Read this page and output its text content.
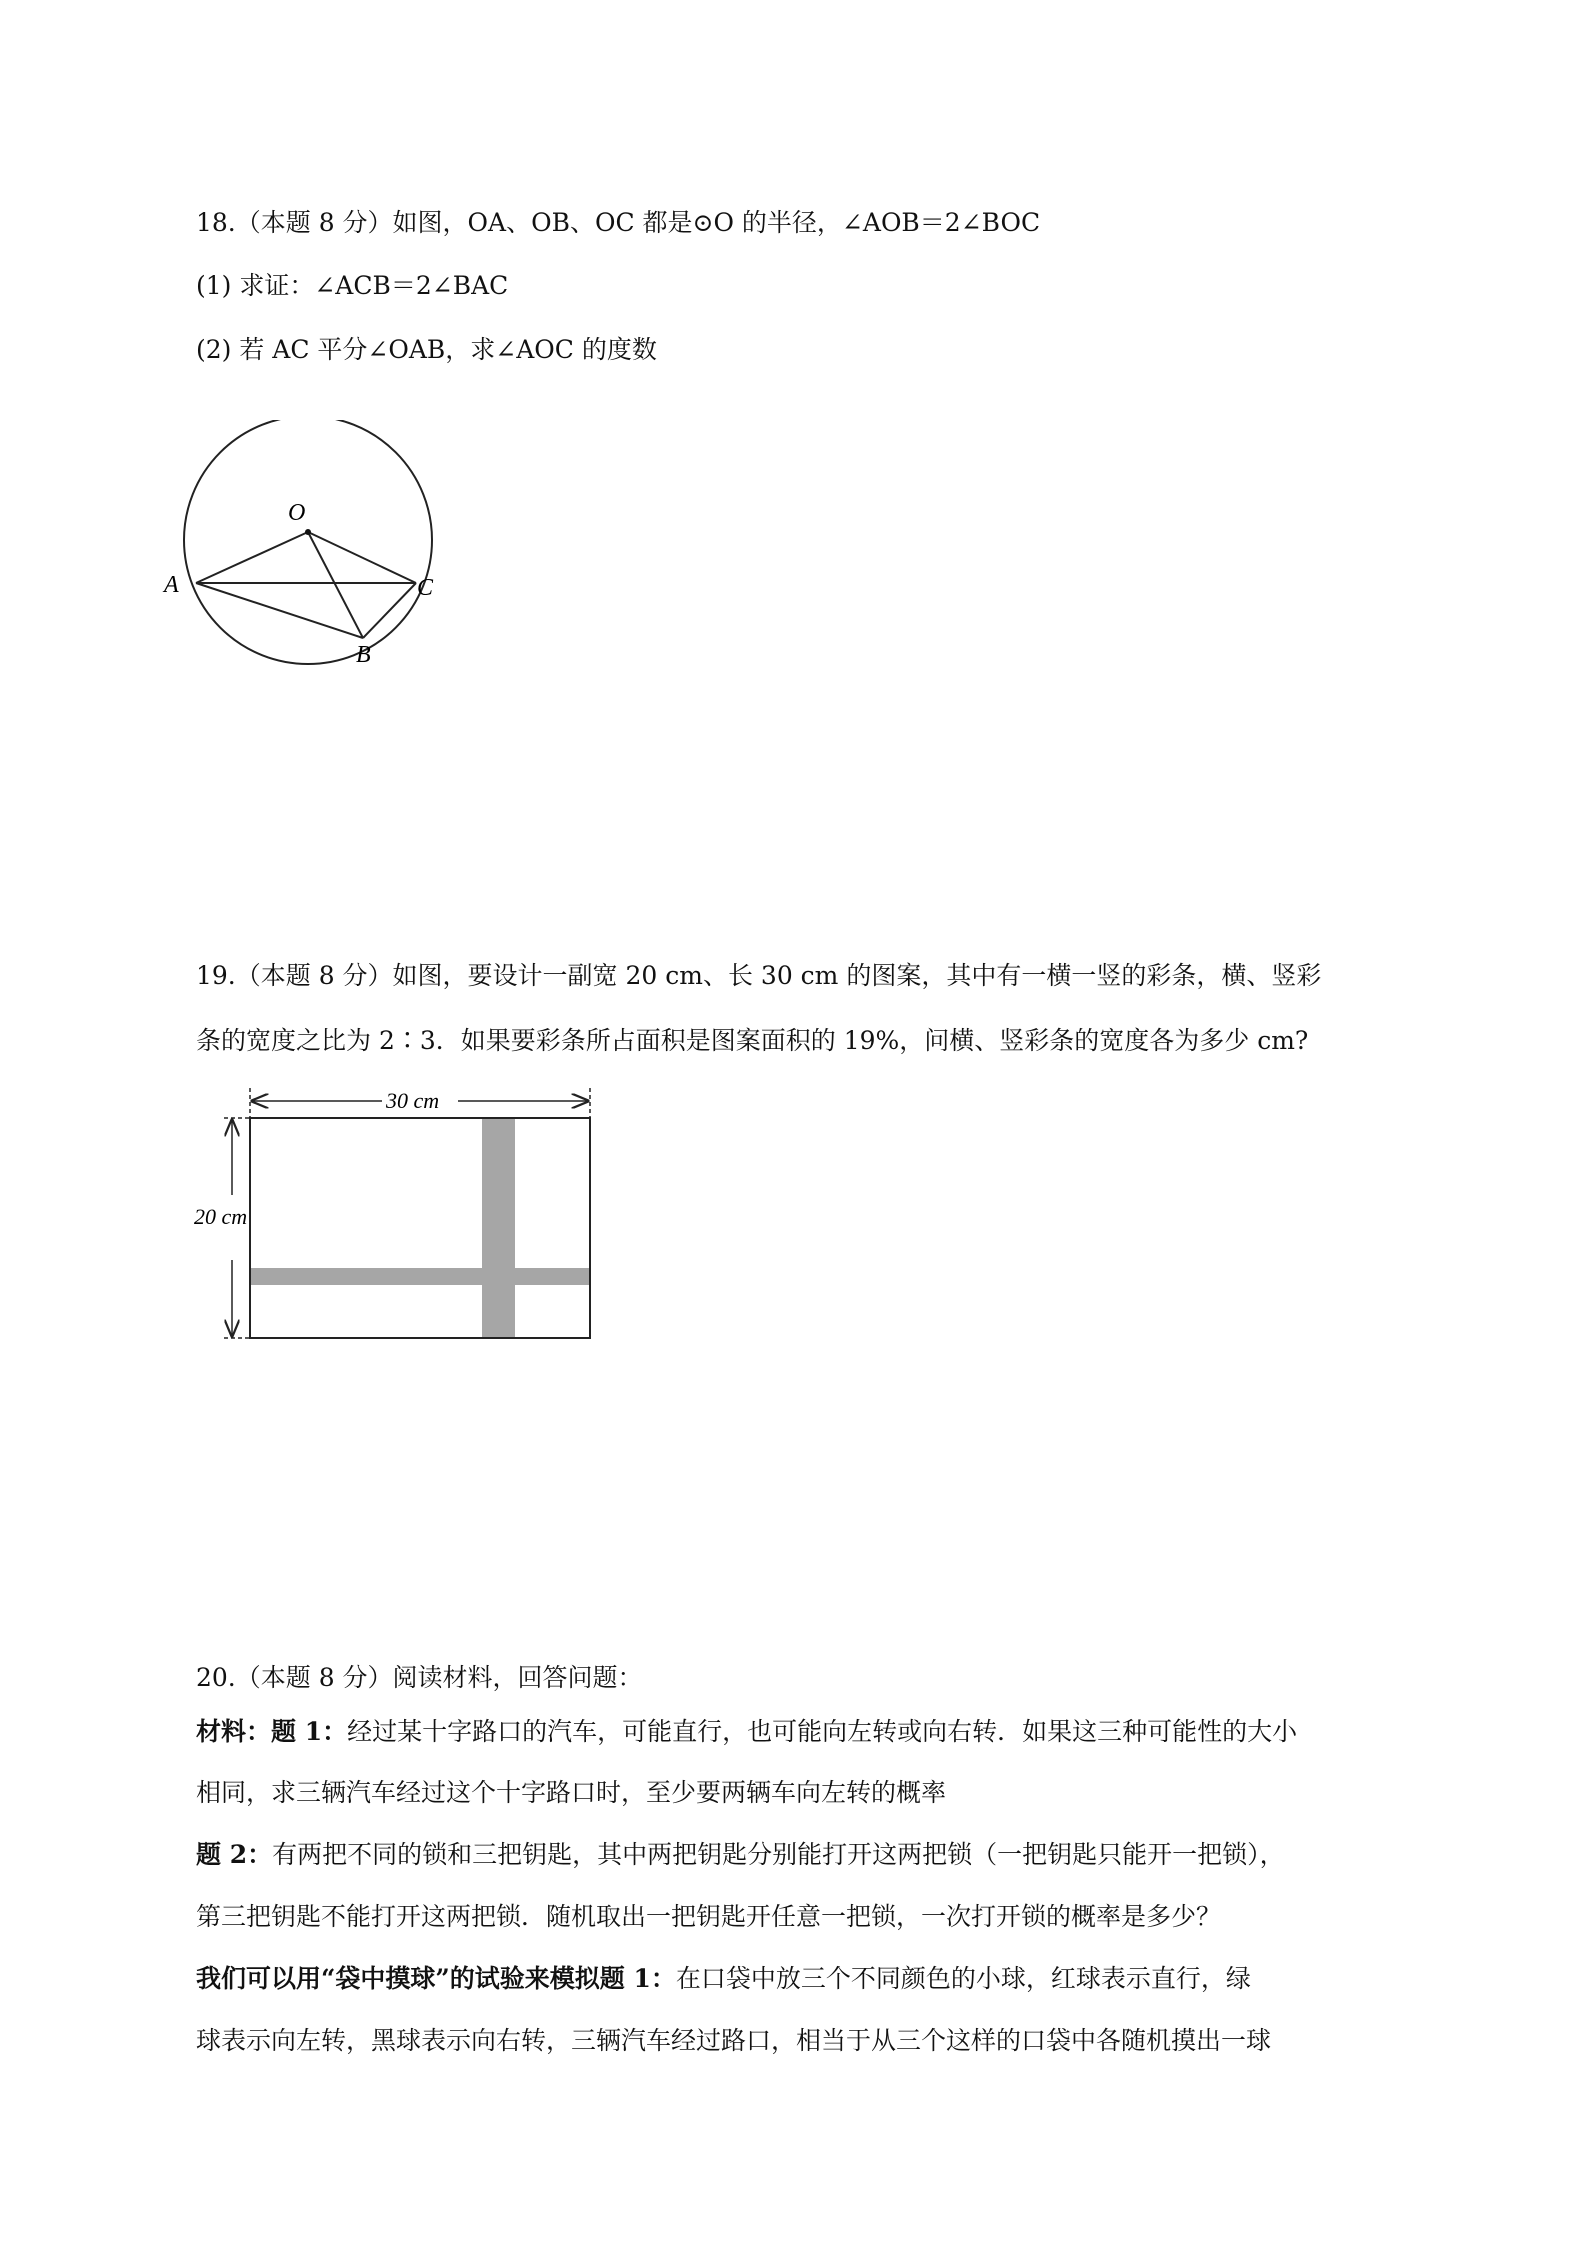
18.（本题 8 分）如图，OA、OB、OC 都是⊙O 的半径，∠AOB＝2∠BOC
(1) 求证：∠ACB＝2∠BAC
(2) 若 AC 平分∠OAB，求∠AOC 的度数
O
A	C
B
19.（本题 8 分）如图，要设计一副宽 20 cm、长 30 cm 的图案，其中有一横一竖的彩条，横、竖彩
条的宽度之比为 2∶3．如果要彩条所占面积是图案面积的 19%，问横、竖彩条的宽度各为多少 cm?
30 cm
20 cm
20.（本题 8 分）阅读材料，回答问题：
材料：题 1：经过某十字路口的汽车，可能直行，也可能向左转或向右转．如果这三种可能性的大小
相同，求三辆汽车经过这个十字路口时，至少要两辆车向左转的概率
题 2：有两把不同的锁和三把钥匙，其中两把钥匙分别能打开这两把锁（一把钥匙只能开一把锁），
第三把钥匙不能打开这两把锁．随机取出一把钥匙开任意一把锁，一次打开锁的概率是多少？
我们可以用“袋中摸球”的试验来模拟题 1：在口袋中放三个不同颜色的小球，红球表示直行，绿
球表示向左转，黑球表示向右转，三辆汽车经过路口，相当于从三个这样的口袋中各随机摸出一球
